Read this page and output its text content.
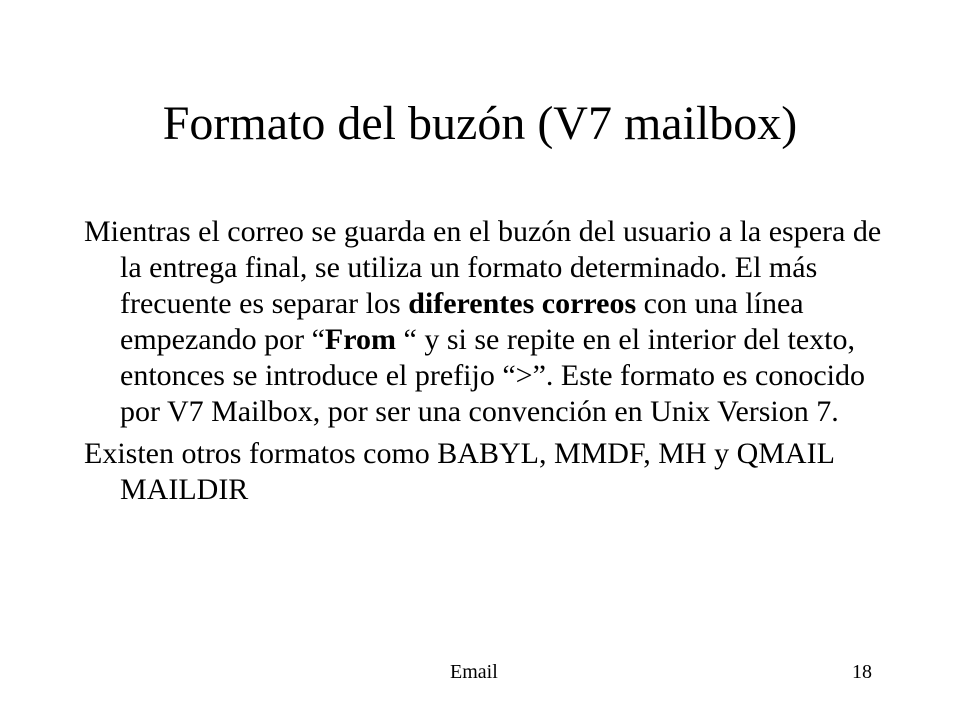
Formato del buzón (V7 mailbox)

Mientras el correo se guarda en el buzón del usuario a la espera de la entrega final, se utiliza un formato determinado. El más frecuente es separar los diferentes correos con una línea empezando por “From “ y si se repite en el interior del texto, entonces se introduce el prefijo “>”. Este formato es conocido por V7 Mailbox, por ser una convención en Unix Version 7.

Existen otros formatos como BABYL, MMDF, MH y QMAIL MAILDIR

Email	18
